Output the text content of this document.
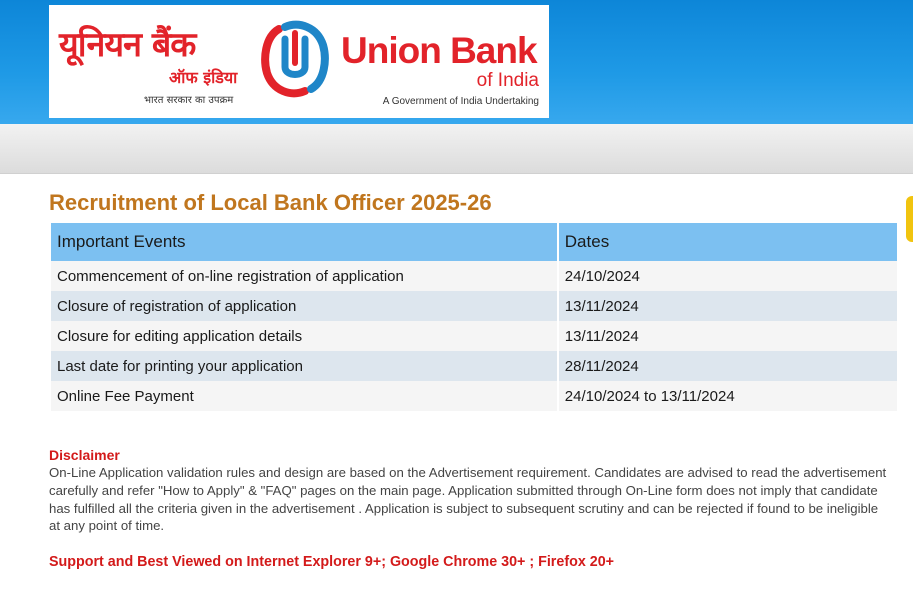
यूनियन बैंक
ऑफ इंडिया
भारत सरकार का उपक्रम
Union Bank
of India
A Government of India Undertaking
Recruitment of Local Bank Officer 2025-26
Important Events	Dates
Commencement of on-line registration of application	24/10/2024
Closure of registration of application	13/11/2024
Closure for editing application details	13/11/2024
Last date for printing your application	28/11/2024
Online Fee Payment	24/10/2024 to 13/11/2024
Disclaimer

On-Line Application validation rules and design are based on the Advertisement requirement. Candidates are advised to read the advertisement carefully and refer "How to Apply" & "FAQ" pages on the main page. Application submitted through On-Line form does not imply that candidate has fulfilled all the criteria given in the advertisement . Application is subject to subsequent scrutiny and can be rejected if found to be ineligible at any point of time.

Support and Best Viewed on Internet Explorer 9+; Google Chrome 30+ ; Firefox 20+
